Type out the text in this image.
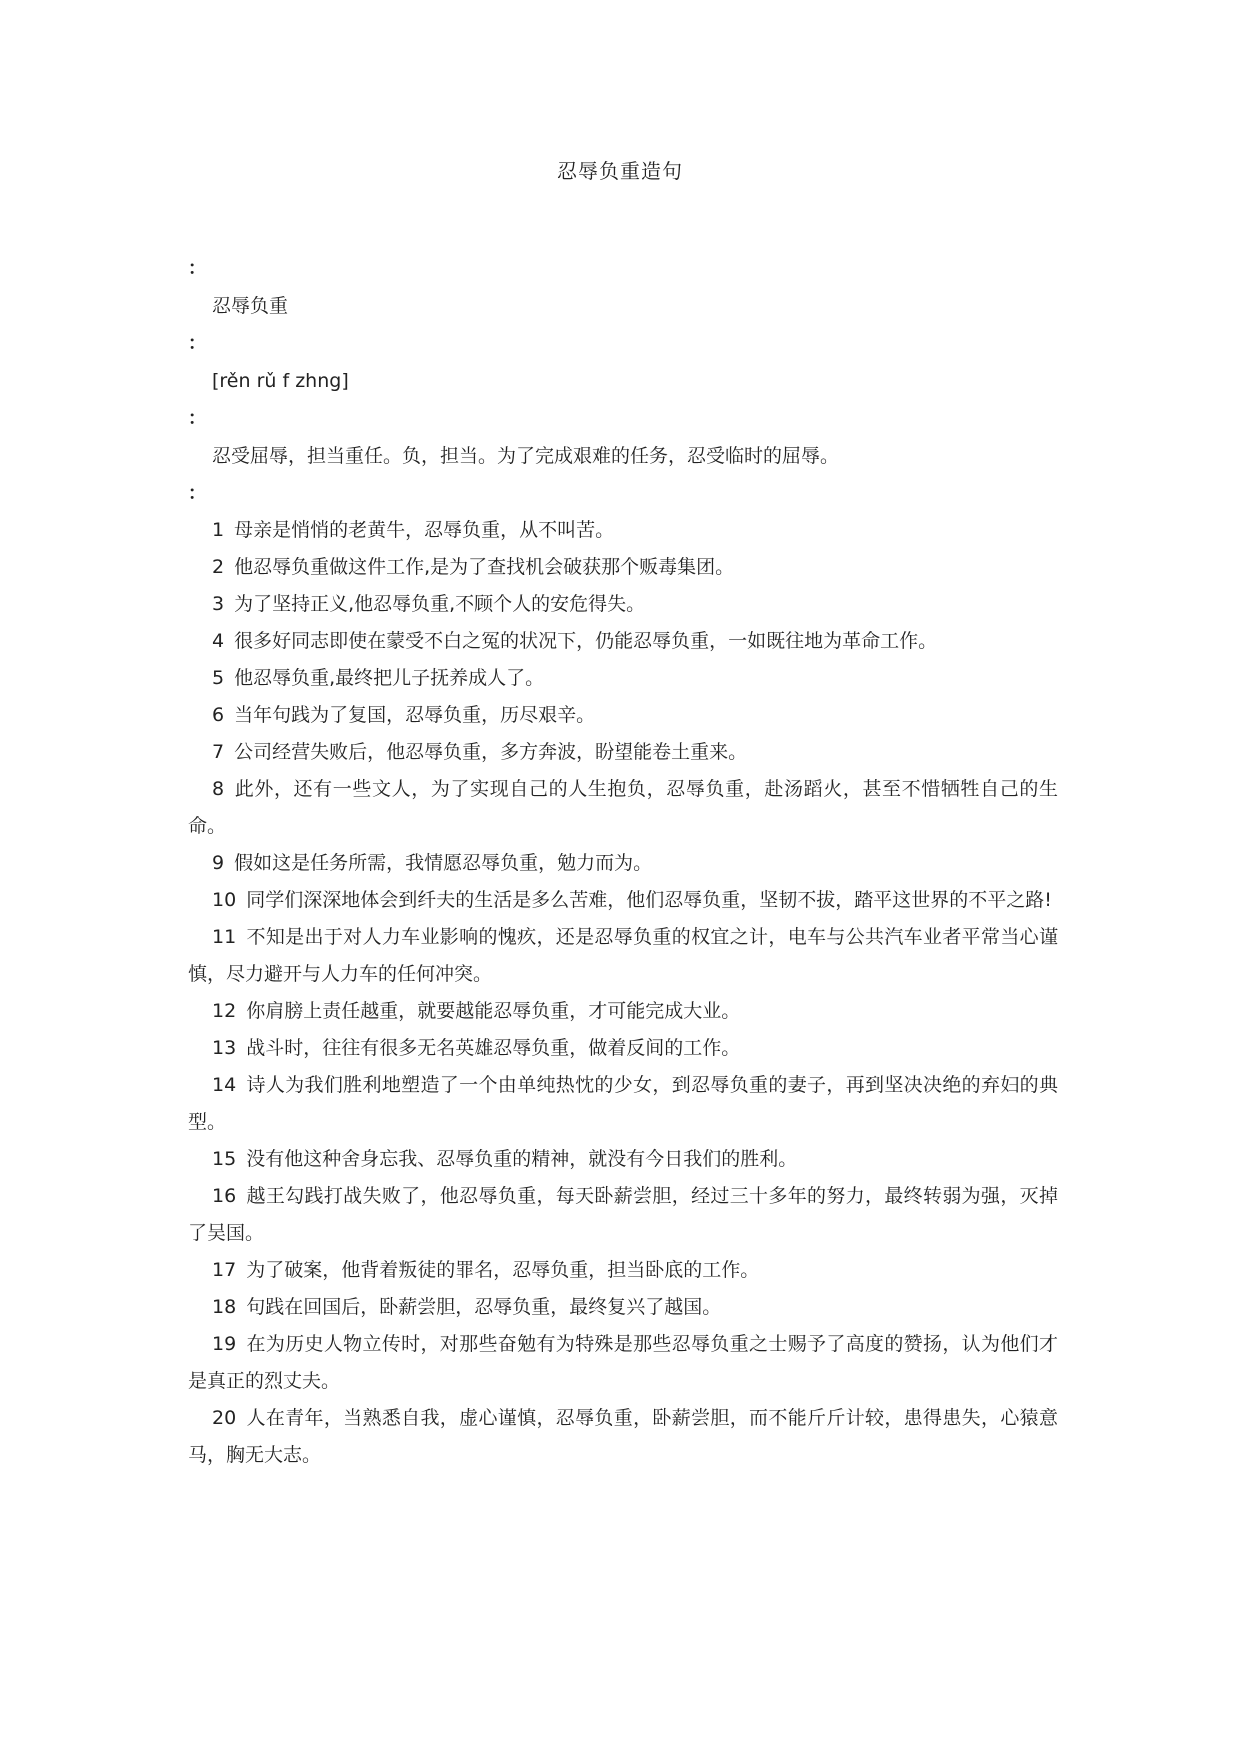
忍辱负重造句
：
忍辱负重
：
[rěn rǔ f zhng]
：
忍受屈辱，担当重任。负，担当。为了完成艰难的任务，忍受临时的屈辱。
：

1 母亲是悄悄的老黄牛，忍辱负重，从不叫苦。

2 他忍辱负重做这件工作,是为了查找机会破获那个贩毒集团。

3 为了坚持正义,他忍辱负重,不顾个人的安危得失。

4 很多好同志即使在蒙受不白之冤的状况下，仍能忍辱负重，一如既往地为革命工作。

5 他忍辱负重,最终把儿子抚养成人了。

6 当年句践为了复国，忍辱负重，历尽艰辛。

7 公司经营失败后，他忍辱负重，多方奔波，盼望能卷土重来。

8 此外，还有一些文人，为了实现自己的人生抱负，忍辱负重，赴汤蹈火，甚至不惜牺牲自己的生命。

9 假如这是任务所需，我情愿忍辱负重，勉力而为。

10 同学们深深地体会到纤夫的生活是多么苦难，他们忍辱负重，坚韧不拔，踏平这世界的不平之路!

11 不知是出于对人力车业影响的愧疚，还是忍辱负重的权宜之计，电车与公共汽车业者平常当心谨慎，尽力避开与人力车的任何冲突。

12 你肩膀上责任越重，就要越能忍辱负重，才可能完成大业。

13 战斗时，往往有很多无名英雄忍辱负重，做着反间的工作。

14 诗人为我们胜利地塑造了一个由单纯热忱的少女，到忍辱负重的妻子，再到坚决决绝的弃妇的典型。

15 没有他这种舍身忘我、忍辱负重的精神，就没有今日我们的胜利。

16 越王勾践打战失败了，他忍辱负重，每天卧薪尝胆，经过三十多年的努力，最终转弱为强，灭掉了吴国。

17 为了破案，他背着叛徒的罪名，忍辱负重，担当卧底的工作。

18 句践在回国后，卧薪尝胆，忍辱负重，最终复兴了越国。

19 在为历史人物立传时，对那些奋勉有为特殊是那些忍辱负重之士赐予了高度的赞扬，认为他们才是真正的烈丈夫。

20 人在青年，当熟悉自我，虚心谨慎，忍辱负重，卧薪尝胆，而不能斤斤计较，患得患失，心猿意马，胸无大志。
